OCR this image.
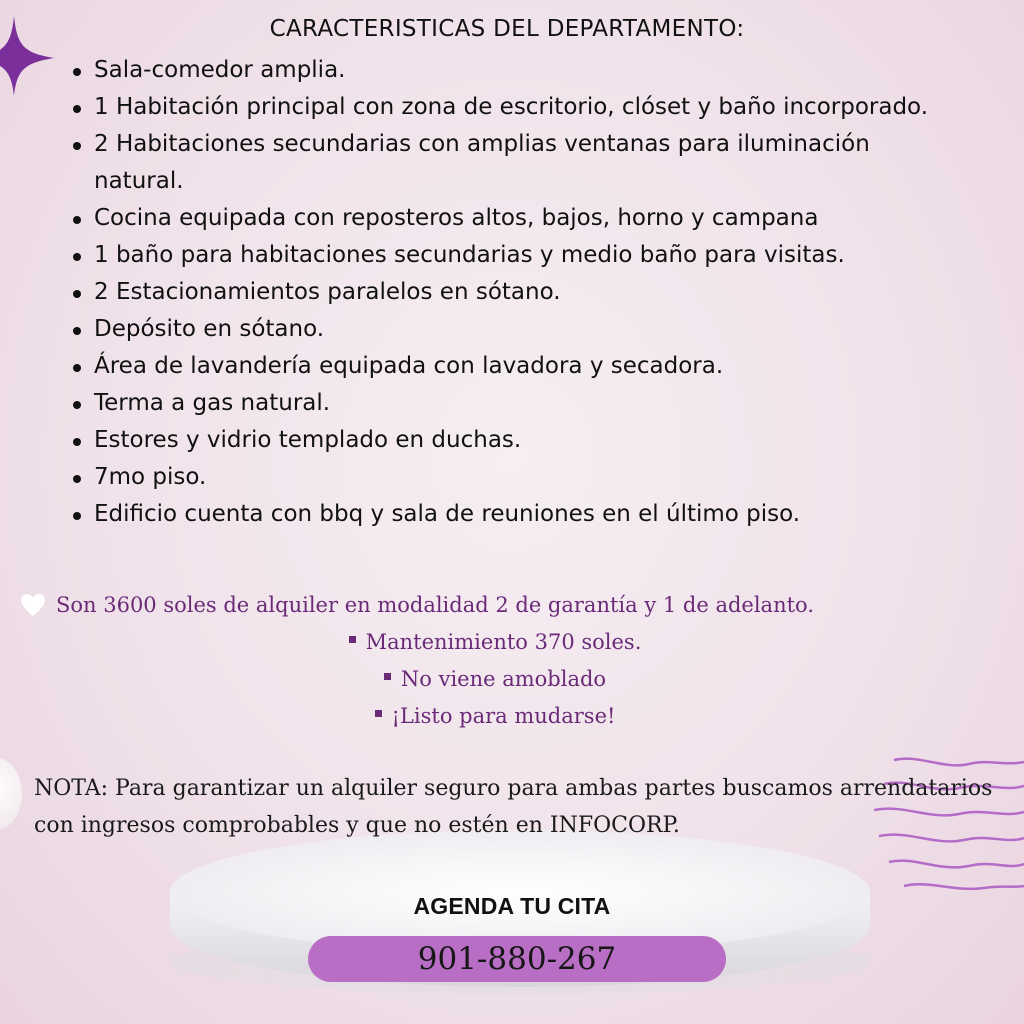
CARACTERISTICAS DEL DEPARTAMENTO:
Sala-comedor amplia.
1 Habitación principal con zona de escritorio, clóset y baño incorporado.
2 Habitaciones secundarias con amplias ventanas para iluminación natural.
Cocina equipada con reposteros altos, bajos, horno y campana
1 baño para habitaciones secundarias y medio baño para visitas.
2 Estacionamientos paralelos en sótano.
Depósito en sótano.
Área de lavandería equipada con lavadora y secadora.
Terma a gas natural.
Estores y vidrio templado en duchas.
7mo piso.
Edificio cuenta con bbq y sala de reuniones en el último piso.
Son 3600 soles de alquiler en modalidad 2 de garantía y 1 de adelanto.
Mantenimiento 370 soles.
No viene amoblado
¡Listo para mudarse!
NOTA: Para garantizar un alquiler seguro para ambas partes buscamos arrendatarios con ingresos comprobables y que no estén en INFOCORP.
AGENDA TU CITA
901-880-267
